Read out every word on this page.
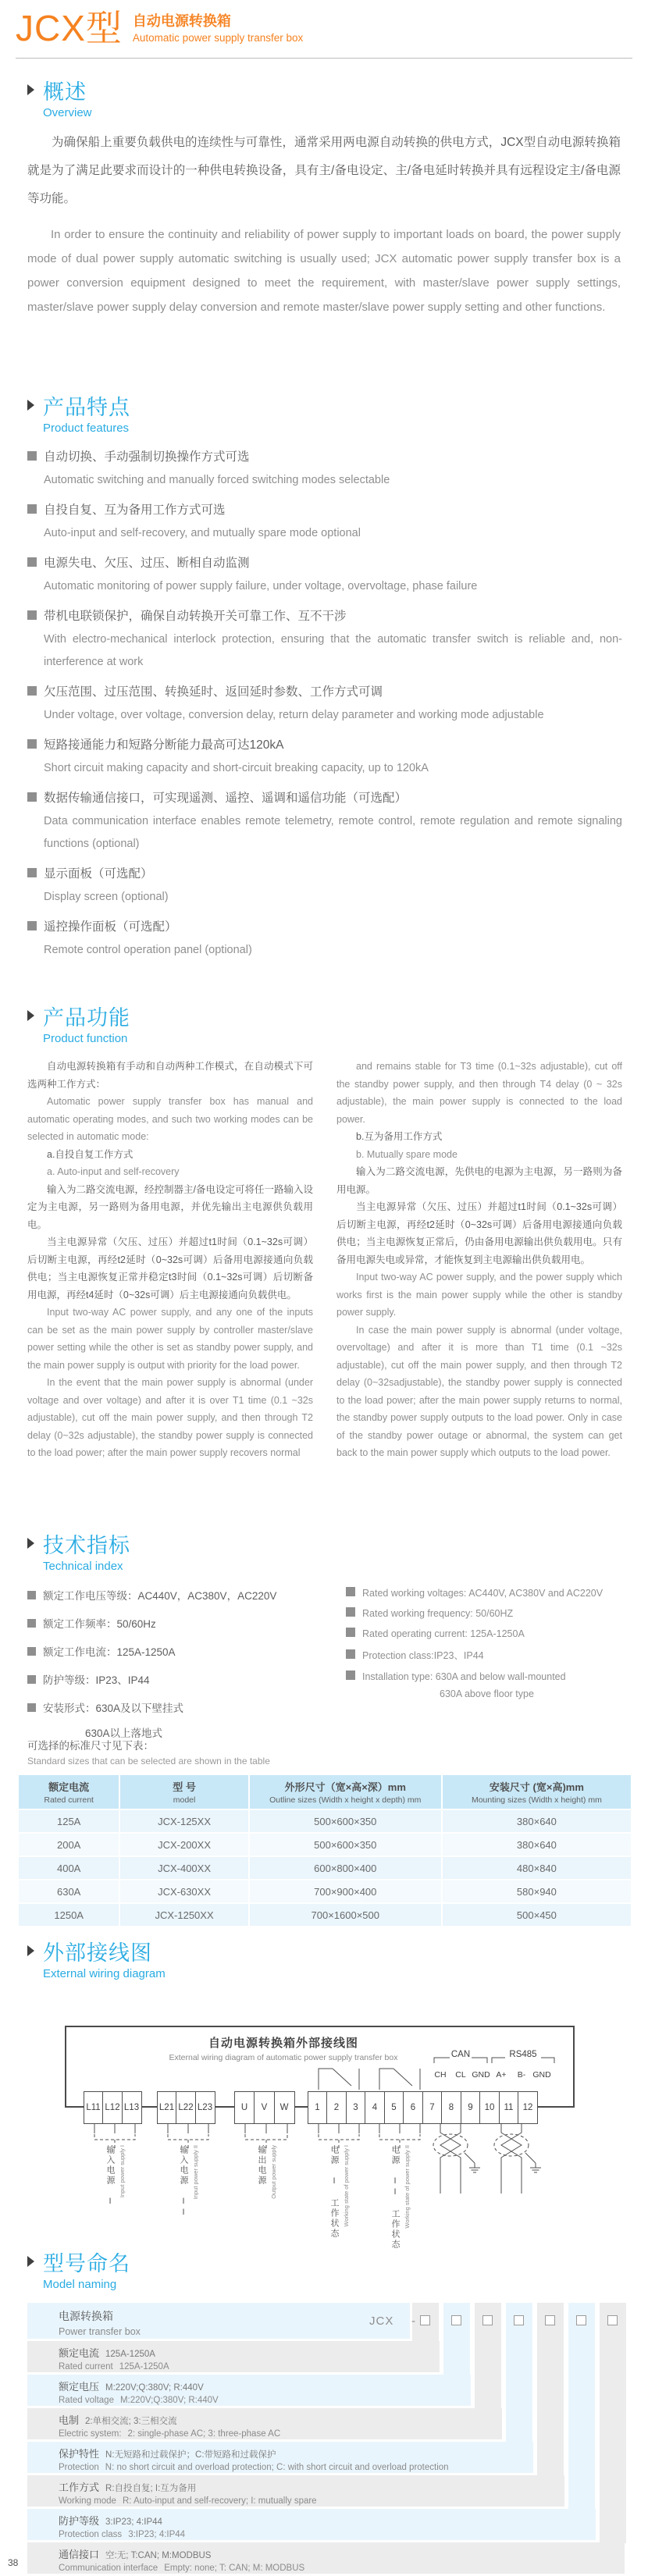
JCX型 自动电源转换箱
Automatic power supply transfer box
概述
Overview

为确保船上重要负载供电的连续性与可靠性，通常采用两电源自动转换的供电方式，JCX型自动电源转换箱就是为了满足此要求而设计的一种供电转换设备，具有主/备电设定、主/备电延时转换并具有远程设定主/备电源等功能。

In order to ensure the continuity and reliability of power supply to important loads on board, the power supply mode of dual power supply automatic switching is usually used; JCX automatic power supply transfer box is a power conversion equipment designed to meet the requirement, with master/slave power supply settings, master/slave power supply delay conversion and remote master/slave power supply setting and other functions.

产品特点
Product features
自动切换、手动强制切换操作方式可选
Automatic switching and manually forced switching modes selectable
自投自复、互为备用工作方式可选
Auto-input and self-recovery, and mutually spare mode optional
电源失电、欠压、过压、断相自动监测
Automatic monitoring of power supply failure, under voltage, overvoltage, phase failure
带机电联锁保护，确保自动转换开关可靠工作、互不干涉
With electro-mechanical interlock protection, ensuring that the automatic transfer switch is reliable and, non-interference at work
欠压范围、过压范围、转换延时、返回延时参数、工作方式可调
Under voltage, over voltage, conversion delay, return delay parameter and working mode adjustable
短路接通能力和短路分断能力最高可达120kA
Short circuit making capacity and short-circuit breaking capacity, up to 120kA
数据传输通信接口，可实现遥测、遥控、遥调和遥信功能（可选配）
Data communication interface enables remote telemetry, remote control, remote regulation and remote signaling functions (optional)
显示面板（可选配）
Display screen (optional)
遥控操作面板（可选配）
Remote control operation panel (optional)
产品功能
Product function

自动电源转换箱有手动和自动两种工作模式，在自动模式下可选两种工作方式：

Automatic power supply transfer box has manual and automatic operating modes, and such two working modes can be selected in automatic mode:

a.自投自复工作方式

a. Auto-input and self-recovery

输入为二路交流电源，经控制器主/备电设定可将任一路输入设定为主电源，另一路则为备用电源，并优先输出主电源供负载用电。

当主电源异常（欠压、过压）并超过t1时间（0.1~32s可调）后切断主电源，再经t2延时（0~32s可调）后备用电源接通向负载供电；当主电源恢复正常并稳定t3时间（0.1~32s可调）后切断备用电源，再经t4延时（0~32s可调）后主电源接通向负载供电。

Input two-way AC power supply, and any one of the inputs can be set as the main power supply by controller master/slave power setting while the other is set as standby power supply, and the main power supply is output with priority for the load power.

In the event that the main power supply is abnormal (under voltage and over voltage) and after it is over T1 time (0.1 ~32s adjustable), cut off the main power supply, and then through T2 delay (0~32s adjustable), the standby power supply is connected to the load power; after the main power supply recovers normal

and remains stable for T3 time (0.1~32s adjustable), cut off the standby power supply, and then through T4 delay (0 ~ 32s adjustable), the main power supply is connected to the load power.

b.互为备用工作方式

b. Mutually spare mode

输入为二路交流电源，先供电的电源为主电源，另一路则为备用电源。

当主电源异常（欠压、过压）并超过t1时间（0.1~32s可调）后切断主电源，再经t2延时（0~32s可调）后备用电源接通向负载供电；当主电源恢复正常后，仍由备用电源输出供负载用电。只有备用电源失电或异常，才能恢复到主电源输出供负载用电。

Input two-way AC power supply, and the power supply which works first is the main power supply while the other is standby power supply.

In case the main power supply is abnormal (under voltage, overvoltage) and after it is more than T1 time (0.1 ~32s adjustable), cut off the main power supply, and then through T2 delay (0~32sadjustable), the standby power supply is connected to the load power; after the main power supply returns to normal, the standby power supply outputs to the load power. Only in case of the standby power outage or abnormal, the system can get back to the main power supply which outputs to the load power.

技术指标
Technical index
额定工作电压等级：AC440V，AC380V，AC220V
额定工作频率：50/60Hz
额定工作电流：125A-1250A
防护等级：IP23、IP44
安装形式：630A及以下壁挂式
630A以上落地式
Rated working voltages: AC440V, AC380V and AC220V
Rated working frequency: 50/60HZ
Rated operating current: 125A-1250A
Protection class:IP23、IP44
Installation type: 630A and below wall-mounted
630A above floor type
可选择的标准尺寸见下表：
Standard sizes that can be selected are shown in the table
额定电流
Rated current

型 号
model

外形尺寸（宽×高×深）mm
Outline sizes (Width x height x depth) mm

安装尺寸 (宽×高)mm
Mounting sizes (Width x height) mm

125A	JCX-125XX	500×600×350	380×640
200A	JCX-200XX	500×600×350	380×640
400A	JCX-400XX	600×800×400	480×840
630A	JCX-630XX	700×900×400	580×940
1250A	JCX-1250XX	700×1600×500	500×450
外部接线图
External wiring diagram
自动电源转换箱外部接线图
External wiring diagram of automatic power supply transfer box	CAN	RS485
CH CL GND A+ B- GND
L11 L12 L13 L21 L22 L23	U	V	W	1	2	3	4	5	6	7	8	9	10	11	12
输入电源 I Input power supply I	输入电源 II Input power supply II	输出电源 Output power supply	电源 I 工作状态 Working state of power supply I	电源 II 工作状态 Working state of power supply II
型号命名
Model naming
电源转换箱
Power transfer box
额定电流 125A-1250A
Rated current 125A-1250A
额定电压 M:220V;Q:380V; R:440V
Rated voltage M:220V;Q:380V; R:440V
电制 2:单相交流; 3:三相交流
Electric system: 2: single-phase AC; 3: three-phase AC
保护特性 N:无短路和过载保护；C:带短路和过载保护
Protection N: no short circuit and overload protection; C: with short circuit and overload protection
工作方式 R:自投自复; I:互为备用
Working mode R: Auto-input and self-recovery; I: mutually spare
防护等级 3:IP23; 4:IP44
Protection class 3:IP23; 4:IP44
通信接口 空:无; T:CAN; M:MODBUS
Communication interface Empty: none; T: CAN; M: MODBUS
JCX -
38
